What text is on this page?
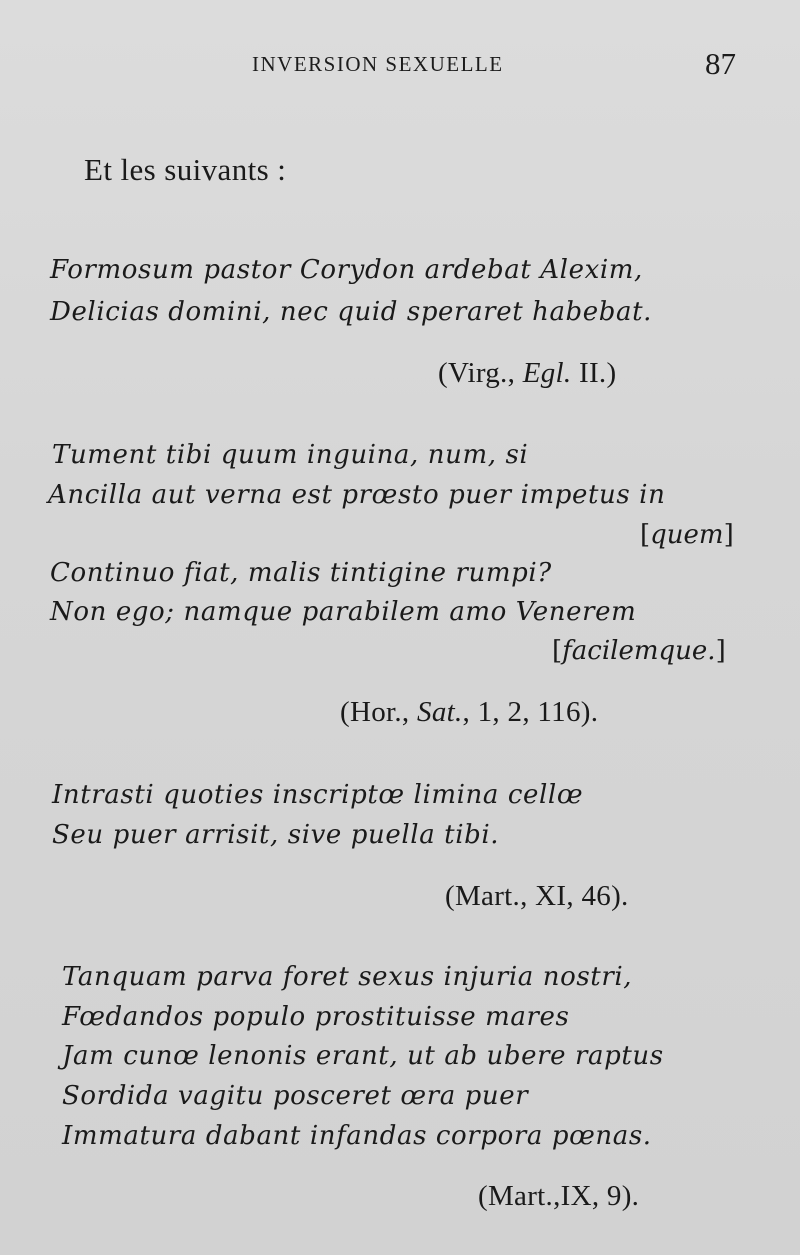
INVERSION SEXUELLE	87
Et les suivants :
Formosum pastor Corydon ardebat Alexim,
Delicias domini, nec quid speraret habebat.
(Virg., Egl. II.)
Tument tibi quum inguina, num, si
Ancilla aut verna est prœsto puer impetus in
[quem]
Continuo fiat, malis tintigine rumpi?
Non ego; namque parabilem amo Venerem
[facilemque.]
(Hor., Sat., 1, 2, 116).
Intrasti quoties inscriptœ limina cellœ
Seu puer arrisit, sive puella tibi.
(Mart., XI, 46).
Tanquam parva foret sexus injuria nostri,
Fœdandos populo prostituisse mares
Jam cunœ lenonis erant, ut ab ubere raptus
Sordida vagitu posceret œra puer
Immatura dabant infandas corpora pœnas.
(Mart.,IX, 9).
